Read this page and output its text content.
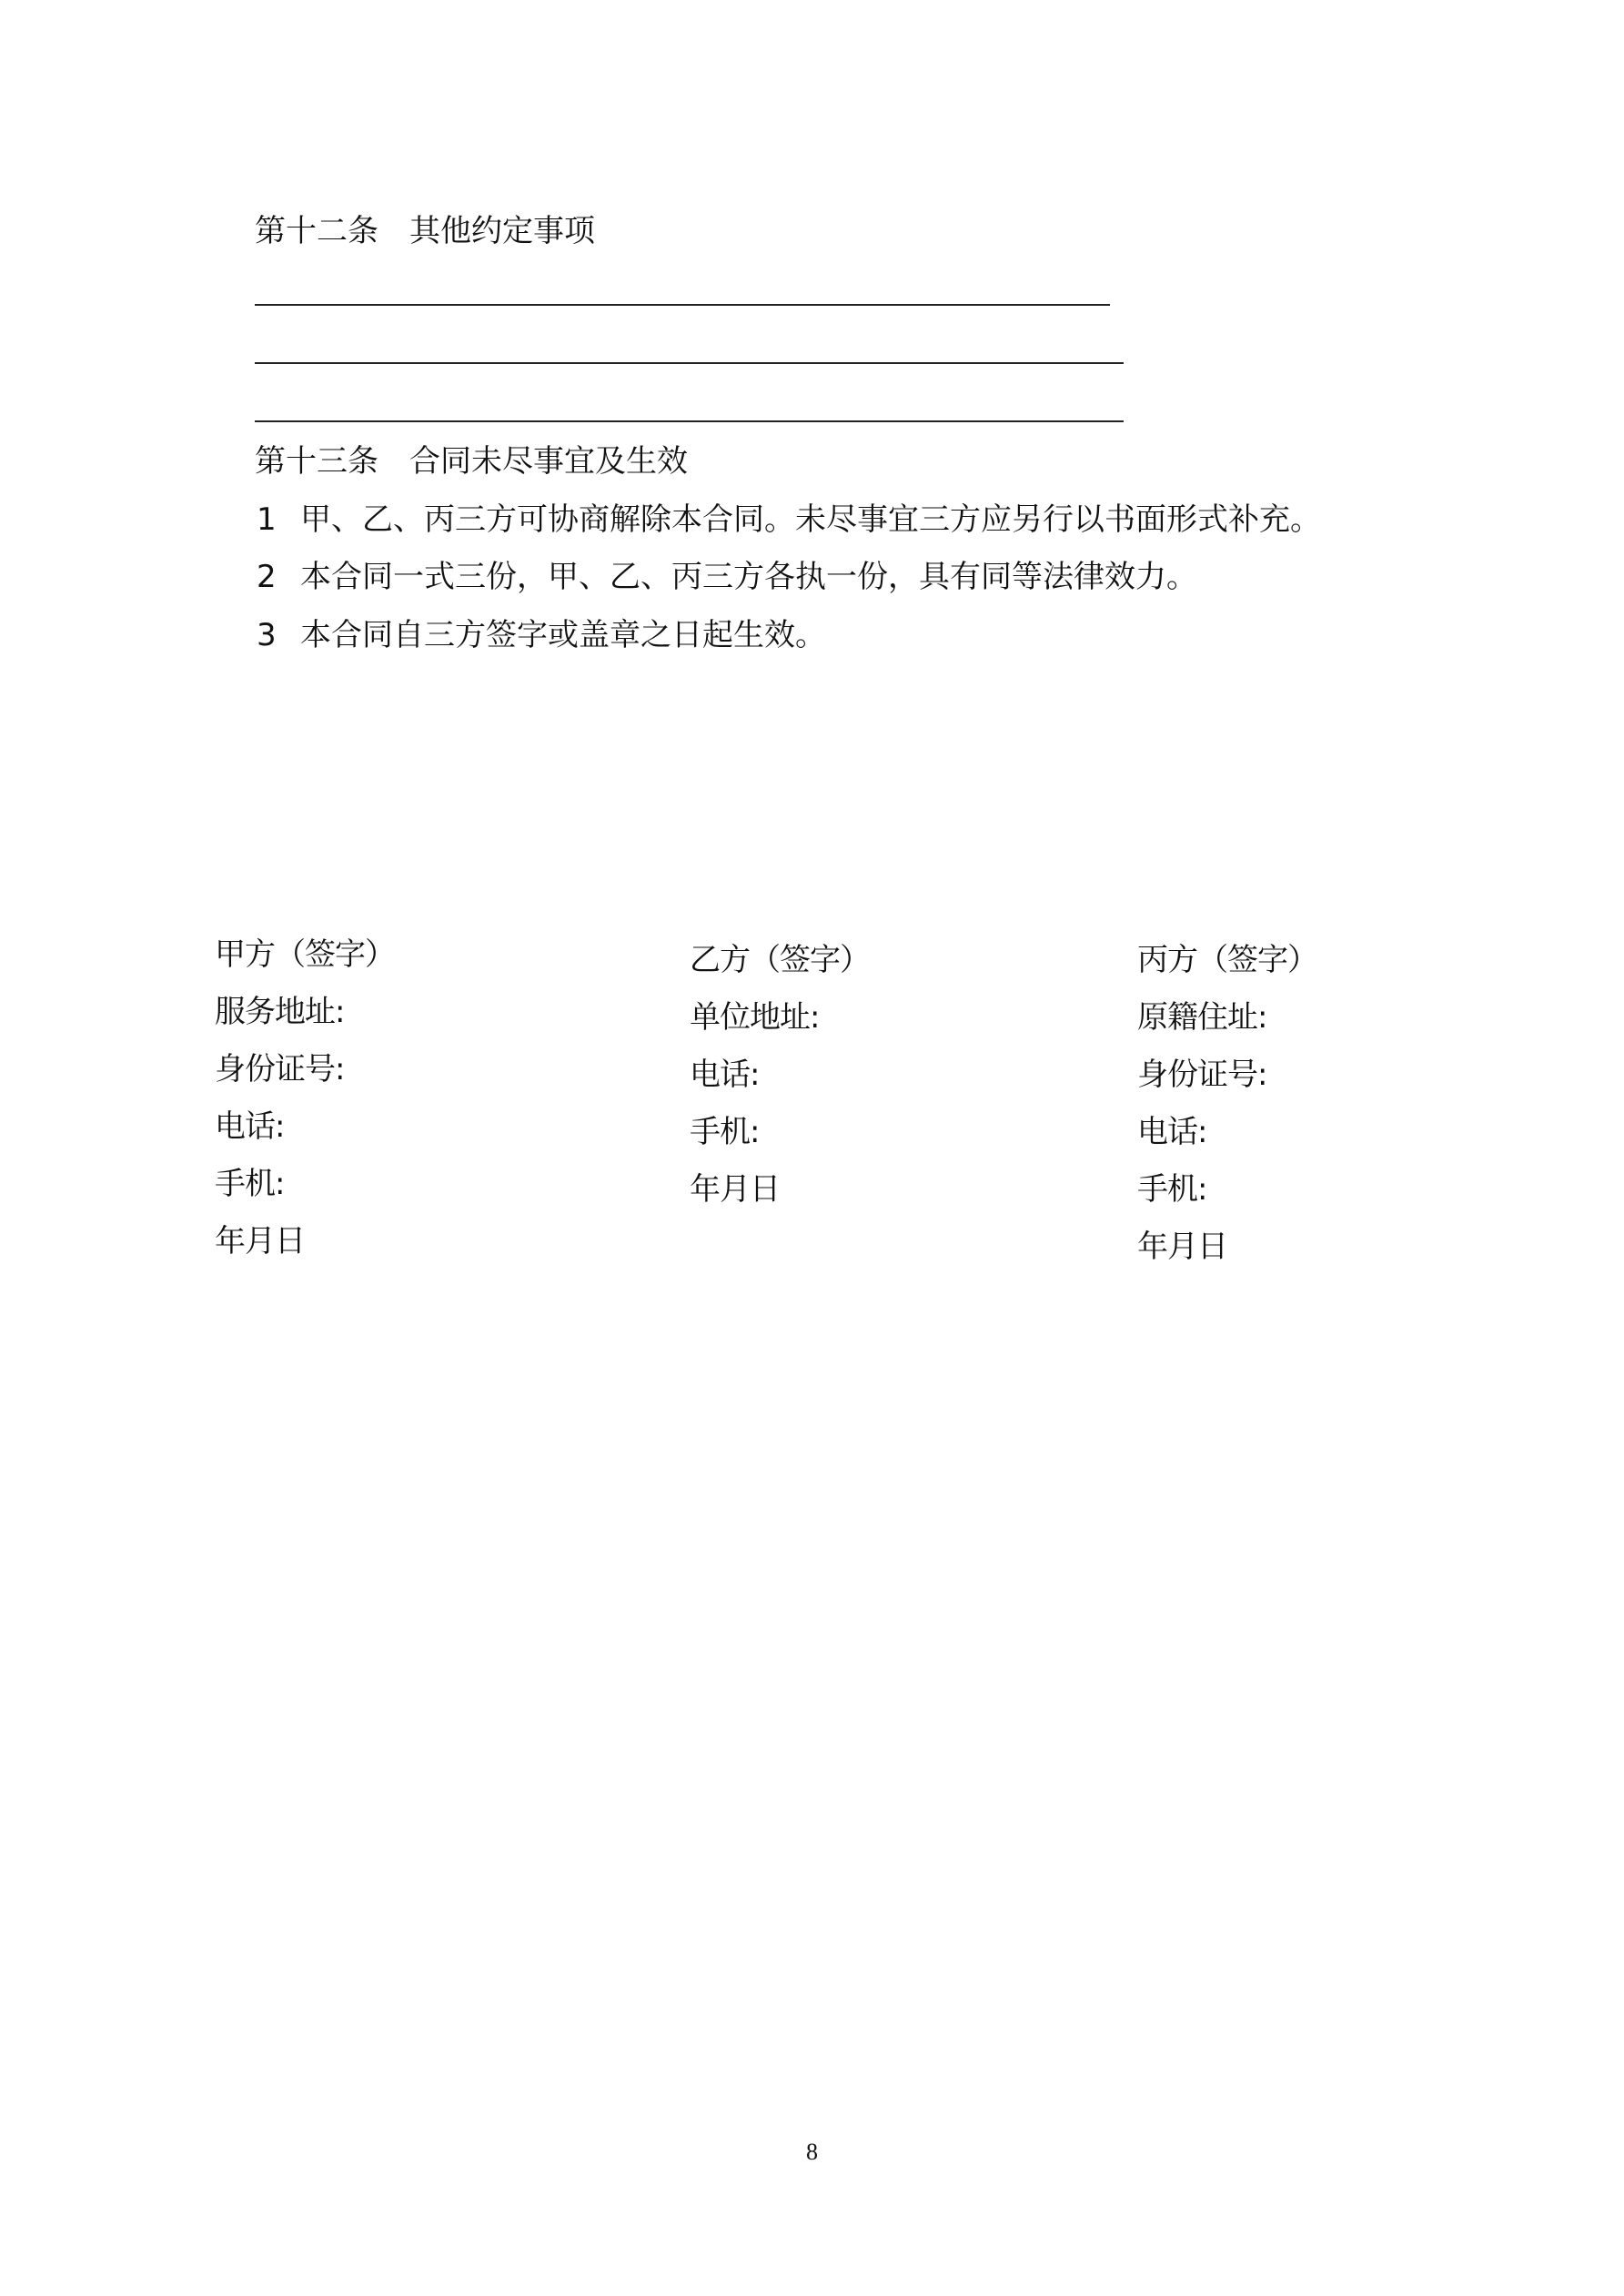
第十二条　其他约定事项
第十三条　合同未尽事宜及生效
1 甲、乙、丙三方可协商解除本合同。未尽事宜三方应另行以书面形式补充。
2 本合同一式三份，甲、乙、丙三方各执一份，具有同等法律效力。
3 本合同自三方签字或盖章之日起生效。
甲方（签字）
服务地址:
身份证号:
电话:
手机:
年月日
乙方（签字）
单位地址:
电话:
手机:
年月日
丙方（签字）
原籍住址:
身份证号:
电话:
手机:
年月日
8
